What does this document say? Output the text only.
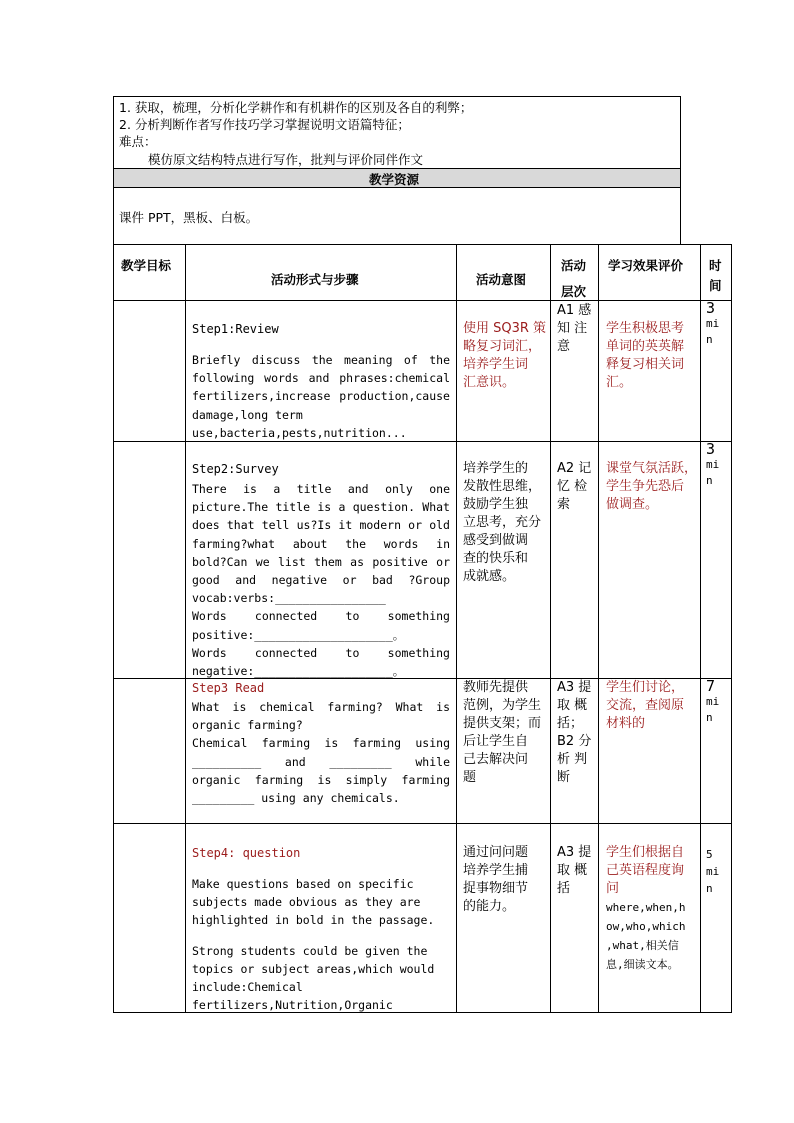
1. 获取，梳理，分析化学耕作和有机耕作的区别及各自的利弊；
2. 分析判断作者写作技巧学习掌握说明文语篇特征；
难点：
模仿原文结构特点进行写作，批判与评价同伴作文
教学资源
课件 PPT，黑板、白板。
教学目标
活动形式与步骤	活动意图
活动
层次
学习效果评价 时
间
Step1:Review
Briefly discuss the meaning of the
following words and phrases:chemical
fertilizers,increase production,cause
damage,long term
use,bacteria,pests,nutrition...
使用 SQ3R 策
略复习词汇，
培养学生词
汇意识。
A1 感
知 注
意
学生积极思考
单词的英英解
释复习相关词
汇。
3
mi
n
Step2:Survey
There is a title and only one
picture.The title is a question. What
does that tell us?Is it modern or old
farming?what about the words in
bold?Can we list them as positive or
good and negative or bad ?Group
vocab:verbs:________________
Words connected to something
positive:____________________。
Words connected to something
negative:____________________。
培养学生的
发散性思维，
鼓励学生独
立思考，充分
感受到做调
查的快乐和
成就感。
A2 记
忆 检
索
课堂气氛活跃，
学生争先恐后
做调查。
3
mi
n
Step3 Read
What is chemical farming? What is
organic farming?
Chemical farming is farming using
__________ and _________ while
organic farming is simply farming
_________ using any chemicals.
教师先提供
范例，为学生
提供支架；而
后让学生自
己去解决问
题
A3 提
取 概
括；
B2 分
析 判
断
学生们讨论，
交流，查阅原
材料的
7
mi
n
Step4: question
Make questions based on specific
subjects made obvious as they are
highlighted in bold in the passage.
Strong students could be given the
topics or subject areas,which would
include:Chemical
fertilizers,Nutrition,Organic
通过问问题
培养学生捕
捉事物细节
的能力。
A3 提
取 概
括
学生们根据自
己英语程度询
问
where,when,h
ow,who,which
,what,相关信
息,细读文本。
5
mi
n
